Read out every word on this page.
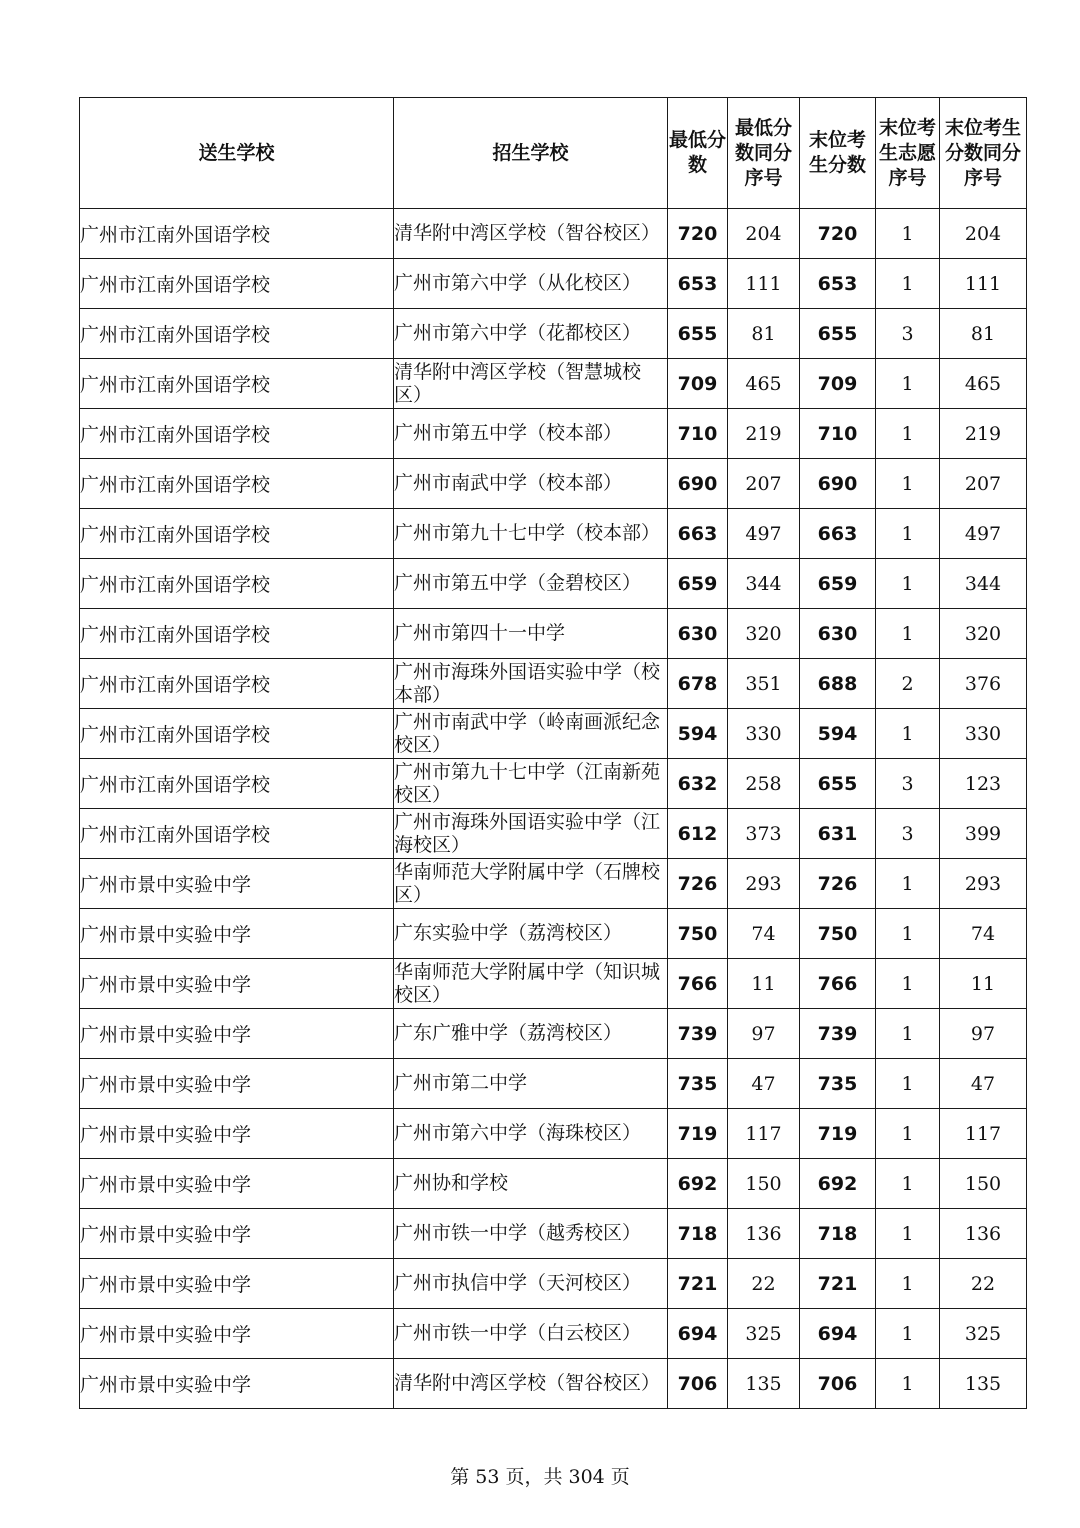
送生学校	招生学校	最低分数	最低分数同分序号	末位考生分数	末位考生志愿序号	末位考生分数同分序号
广州市江南外国语学校	清华附中湾区学校（智谷校区）	720	204	720	1	204
广州市江南外国语学校	广州市第六中学（从化校区）	653	111	653	1	111
广州市江南外国语学校	广州市第六中学（花都校区）	655	81	655	3	81
广州市江南外国语学校	清华附中湾区学校（智慧城校区）	709	465	709	1	465
广州市江南外国语学校	广州市第五中学（校本部）	710	219	710	1	219
广州市江南外国语学校	广州市南武中学（校本部）	690	207	690	1	207
广州市江南外国语学校	广州市第九十七中学（校本部）	663	497	663	1	497
广州市江南外国语学校	广州市第五中学（金碧校区）	659	344	659	1	344
广州市江南外国语学校	广州市第四十一中学	630	320	630	1	320
广州市江南外国语学校	广州市海珠外国语实验中学（校本部）	678	351	688	2	376
广州市江南外国语学校	广州市南武中学（岭南画派纪念校区）	594	330	594	1	330
广州市江南外国语学校	广州市第九十七中学（江南新苑校区）	632	258	655	3	123
广州市江南外国语学校	广州市海珠外国语实验中学（江海校区）	612	373	631	3	399
广州市景中实验中学	华南师范大学附属中学（石牌校区）	726	293	726	1	293
广州市景中实验中学	广东实验中学（荔湾校区）	750	74	750	1	74
广州市景中实验中学	华南师范大学附属中学（知识城校区）	766	11	766	1	11
广州市景中实验中学	广东广雅中学（荔湾校区）	739	97	739	1	97
广州市景中实验中学	广州市第二中学	735	47	735	1	47
广州市景中实验中学	广州市第六中学（海珠校区）	719	117	719	1	117
广州市景中实验中学	广州协和学校	692	150	692	1	150
广州市景中实验中学	广州市铁一中学（越秀校区）	718	136	718	1	136
广州市景中实验中学	广州市执信中学（天河校区）	721	22	721	1	22
广州市景中实验中学	广州市铁一中学（白云校区）	694	325	694	1	325
广州市景中实验中学	清华附中湾区学校（智谷校区）	706	135	706	1	135
第 53 页，共 304 页
